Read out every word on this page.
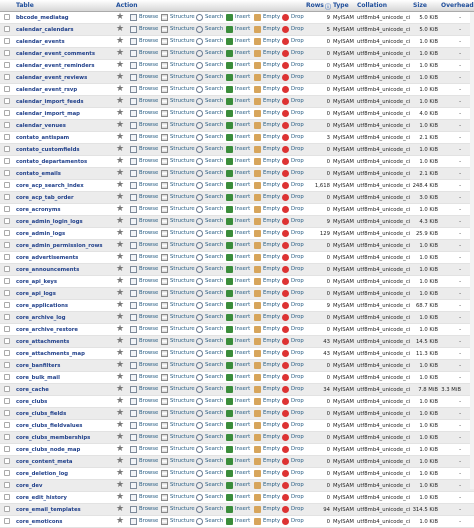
Table	Action	Rows ⓘ Type Collation	Size Overhead
bbcode_mediatag	★	Browse Structure Search Insert Empty Drop	9 MyISAM utf8mb4_unicode_ci	5.0 KiB	-
calendar_calendars	★	Browse Structure Search Insert Empty Drop	5 MyISAM utf8mb4_unicode_ci	5.0 KiB	-
calendar_events	★	Browse Structure Search Insert Empty Drop	0 MyISAM utf8mb4_unicode_ci	1.0 KiB	-
calendar_event_comments	★	Browse Structure Search Insert Empty Drop	0 MyISAM utf8mb4_unicode_ci	1.0 KiB	-
calendar_event_reminders	★	Browse Structure Search Insert Empty Drop	0 MyISAM utf8mb4_unicode_ci	1.0 KiB	-
calendar_event_reviews	★	Browse Structure Search Insert Empty Drop	0 MyISAM utf8mb4_unicode_ci	1.0 KiB	-
calendar_event_rsvp	★	Browse Structure Search Insert Empty Drop	0 MyISAM utf8mb4_unicode_ci	1.0 KiB	-
calendar_import_feeds	★	Browse Structure Search Insert Empty Drop	0 MyISAM utf8mb4_unicode_ci	1.0 KiB	-
calendar_import_map	★	Browse Structure Search Insert Empty Drop	0 MyISAM utf8mb4_unicode_ci	4.0 KiB	-
calendar_venues	★	Browse Structure Search Insert Empty Drop	0 MyISAM utf8mb4_unicode_ci	1.0 KiB	-
contato_antispam	★	Browse Structure Search Insert Empty Drop	3 MyISAM utf8mb4_unicode_ci	2.1 KiB	-
contato_customfields	★	Browse Structure Search Insert Empty Drop	0 MyISAM utf8mb4_unicode_ci	1.0 KiB	-
contato_departamentos	★	Browse Structure Search Insert Empty Drop	0 MyISAM utf8mb4_unicode_ci	1.0 KiB	-
contato_emails	★	Browse Structure Search Insert Empty Drop	0 MyISAM utf8mb4_unicode_ci	2.1 KiB	-
core_acp_search_index	★	Browse Structure Search Insert Empty Drop	1,618 MyISAM utf8mb4_unicode_ci 248.4 KiB	-
core_acp_tab_order	★	Browse Structure Search Insert Empty Drop	0 MyISAM utf8mb4_unicode_ci	3.0 KiB	-
core_acronyms	★	Browse Structure Search Insert Empty Drop	0 MyISAM utf8mb4_unicode_ci	1.0 KiB	-
core_admin_login_logs	★	Browse Structure Search Insert Empty Drop	9 MyISAM utf8mb4_unicode_ci	4.3 KiB	-
core_admin_logs	★	Browse Structure Search Insert Empty Drop	129 MyISAM utf8mb4_unicode_ci	25.9 KiB	-
core_admin_permission_rows	★	Browse Structure Search Insert Empty Drop	0 MyISAM utf8mb4_unicode_ci	1.0 KiB	-
core_advertisements	★	Browse Structure Search Insert Empty Drop	0 MyISAM utf8mb4_unicode_ci	1.0 KiB	-
core_announcements	★	Browse Structure Search Insert Empty Drop	0 MyISAM utf8mb4_unicode_ci	1.0 KiB	-
core_api_keys	★	Browse Structure Search Insert Empty Drop	0 MyISAM utf8mb4_unicode_ci	1.0 KiB	-
core_api_logs	★	Browse Structure Search Insert Empty Drop	0 MyISAM utf8mb4_unicode_ci	1.0 KiB	-
core_applications	★	Browse Structure Search Insert Empty Drop	9 MyISAM utf8mb4_unicode_ci	68.7 KiB	-
core_archive_log	★	Browse Structure Search Insert Empty Drop	0 MyISAM utf8mb4_unicode_ci	1.0 KiB	-
core_archive_restore	★	Browse Structure Search Insert Empty Drop	0 MyISAM utf8mb4_unicode_ci	1.0 KiB	-
core_attachments	★	Browse Structure Search Insert Empty Drop	43 MyISAM utf8mb4_unicode_ci	14.5 KiB	-
core_attachments_map	★	Browse Structure Search Insert Empty Drop	43 MyISAM utf8mb4_unicode_ci	11.3 KiB	-
core_banfilters	★	Browse Structure Search Insert Empty Drop	0 MyISAM utf8mb4_unicode_ci	1.0 KiB	-
core_bulk_mail	★	Browse Structure Search Insert Empty Drop	0 MyISAM utf8mb4_unicode_ci	1.0 KiB	-
core_cache	★	Browse Structure Search Insert Empty Drop	34 MyISAM utf8mb4_unicode_ci	7.8 MiB 3.3 MiB
core_clubs	★	Browse Structure Search Insert Empty Drop	0 MyISAM utf8mb4_unicode_ci	1.0 KiB	-
core_clubs_fields	★	Browse Structure Search Insert Empty Drop	0 MyISAM utf8mb4_unicode_ci	1.0 KiB	-
core_clubs_fieldvalues	★	Browse Structure Search Insert Empty Drop	0 MyISAM utf8mb4_unicode_ci	1.0 KiB	-
core_clubs_memberships	★	Browse Structure Search Insert Empty Drop	0 MyISAM utf8mb4_unicode_ci	1.0 KiB	-
core_clubs_node_map	★	Browse Structure Search Insert Empty Drop	0 MyISAM utf8mb4_unicode_ci	1.0 KiB	-
core_content_meta	★	Browse Structure Search Insert Empty Drop	0 MyISAM utf8mb4_unicode_ci	1.0 KiB	-
core_deletion_log	★	Browse Structure Search Insert Empty Drop	0 MyISAM utf8mb4_unicode_ci	1.0 KiB	-
core_dev	★	Browse Structure Search Insert Empty Drop	0 MyISAM utf8mb4_unicode_ci	1.0 KiB	-
core_edit_history	★	Browse Structure Search Insert Empty Drop	0 MyISAM utf8mb4_unicode_ci	1.0 KiB	-
core_email_templates	★	Browse Structure Search Insert Empty Drop	94 MyISAM utf8mb4_unicode_ci 314.5 KiB	-
core_emoticons	★	Browse Structure Search Insert Empty Drop	0 MyISAM utf8mb4_unicode_ci	1.0 KiB	-
